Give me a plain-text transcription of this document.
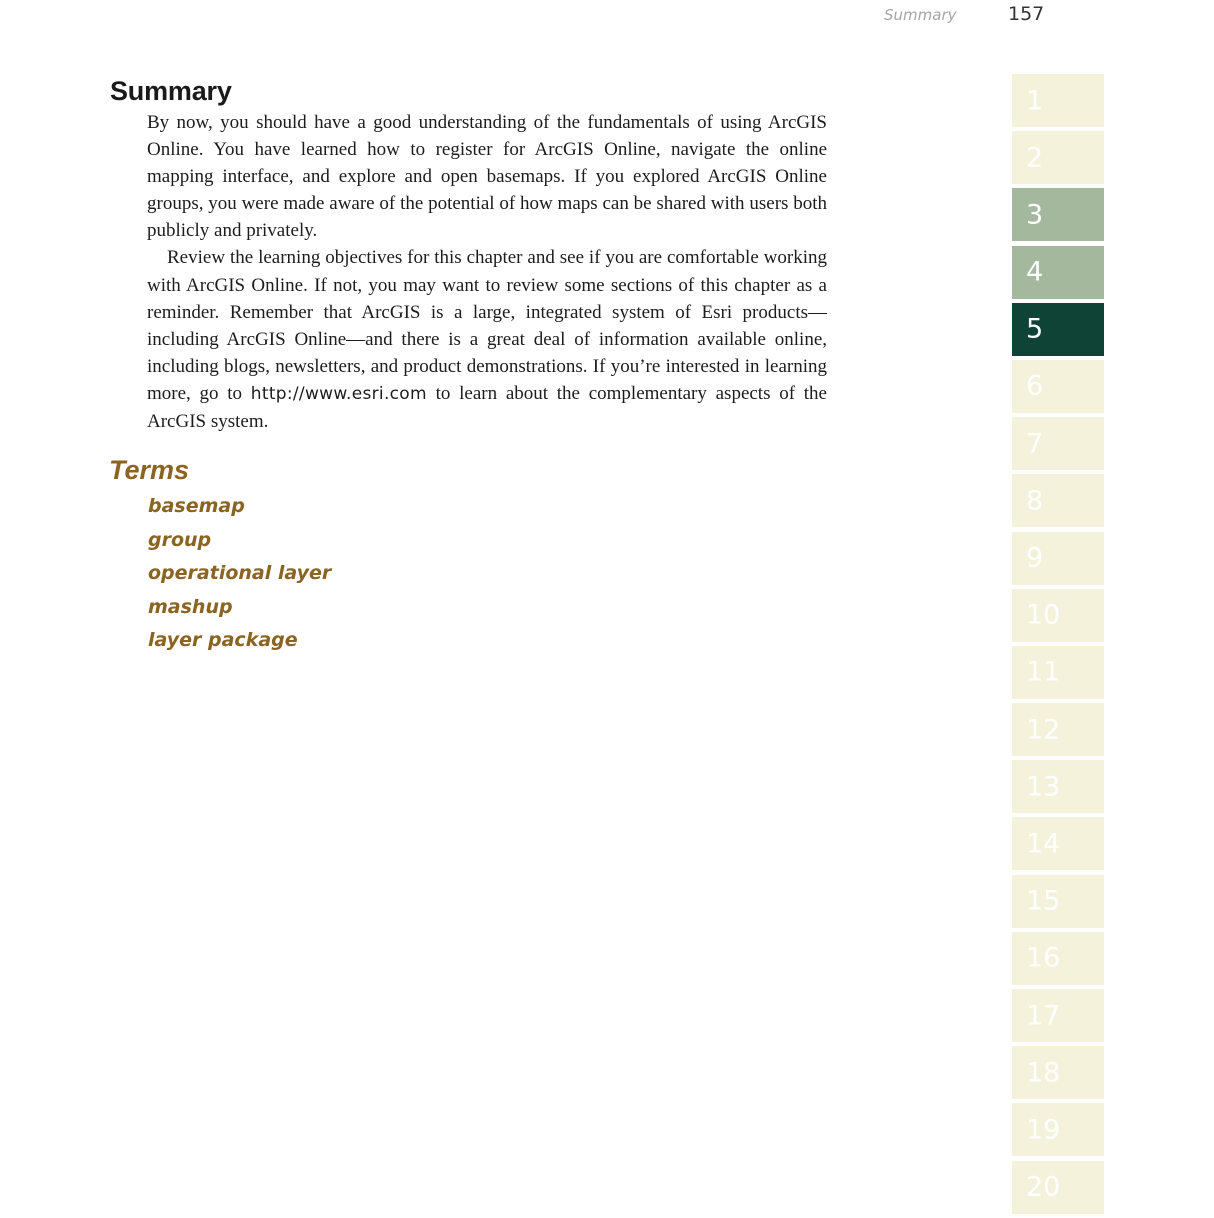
Summary	157
Summary

By now, you should have a good understanding of the fundamentals of using ArcGIS Online. You have learned how to register for ArcGIS Online, navigate the online mapping interface, and explore and open basemaps. If you explored ArcGIS Online groups, you were made aware of the potential of how maps can be shared with users both publicly and privately.

Review the learning objectives for this chapter and see if you are comfortable working with ArcGIS Online. If not, you may want to review some sections of this chapter as a reminder. Remember that ArcGIS is a large, integrated system of Esri products—including ArcGIS Online—and there is a great deal of information available online, including blogs, newsletters, and product demonstrations. If you’re interested in learning more, go to http://www.esri.com to learn about the complementary aspects of the ArcGIS system.

Terms
basemap
group
operational layer
mashup
layer package
1
2
3
4
5
6
7
8
9
10
11
12
13
14
15
16
17
18
19
20
